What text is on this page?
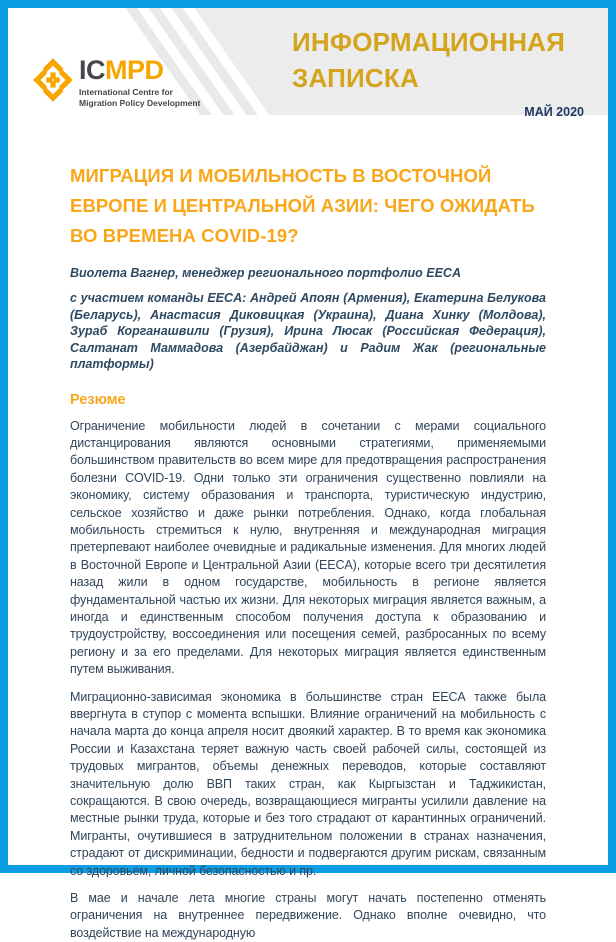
ICMPD
International Centre for
Migration Policy Development
ИНФОРМАЦИОННАЯ
ЗАПИСКА
МАЙ 2020
МИГРАЦИЯ И МОБИЛЬНОСТЬ В ВОСТОЧНОЙ ЕВРОПЕ И ЦЕНТРАЛЬНОЙ АЗИИ: ЧЕГО ОЖИДАТЬ ВО ВРЕМЕНА COVID-19?

Виолета Вагнер, менеджер регионального портфолио EECA

с участием команды EECA: Андрей Апоян (Армения), Екатерина Белукова (Беларусь), Анастасия Диковицкая (Украина), Диана Хинку (Молдова), Зураб Корганашвили (Грузия), Ирина Люсак (Российская Федерация), Салтанат Маммадова (Азербайджан) и Радим Жак (региональные платформы)

Резюме

Ограничение мобильности людей в сочетании с мерами социального дистанцирования являются основными стратегиями, применяемыми большинством правительств во всем мире для предотвращения распространения болезни COVID-19. Одни только эти ограничения существенно повлияли на экономику, систему образования и транспорта, туристическую индустрию, сельское хозяйство и даже рынки потребления. Однако, когда глобальная мобильность стремиться к нулю, внутренняя и международная миграция претерпевают наиболее очевидные и радикальные изменения. Для многих людей в Восточной Европе и Центральной Азии (EECA), которые всего три десятилетия назад жили в одном государстве, мобильность в регионе является фундаментальной частью их жизни. Для некоторых миграция является важным, а иногда и единственным способом получения доступа к образованию и трудоустройству, воссоединения или посещения семей, разбросанных по всему региону и за его пределами. Для некоторых миграция является единственным путем выживания.

Миграционно-зависимая экономика в большинстве стран EECA также была ввергнута в ступор с момента вспышки. Влияние ограничений на мобильность с начала марта до конца апреля носит двоякий характер. В то время как экономика России и Казахстана теряет важную часть своей рабочей силы, состоящей из трудовых мигрантов, объемы денежных переводов, которые составляют значительную долю ВВП таких стран, как Кыргызстан и Таджикистан, сокращаются. В свою очередь, возвращающиеся мигранты усилили давление на местные рынки труда, которые и без того страдают от карантинных ограничений. Мигранты, очутившиеся в затруднительном положении в странах назначения, страдают от дискриминации, бедности и подвергаются другим рискам, связанным со здоровьем, личной безопасностью и пр.

В мае и начале лета многие страны могут начать постепенно отменять ограничения на внутреннее передвижение. Однако вполне очевидно, что воздействие на международную
